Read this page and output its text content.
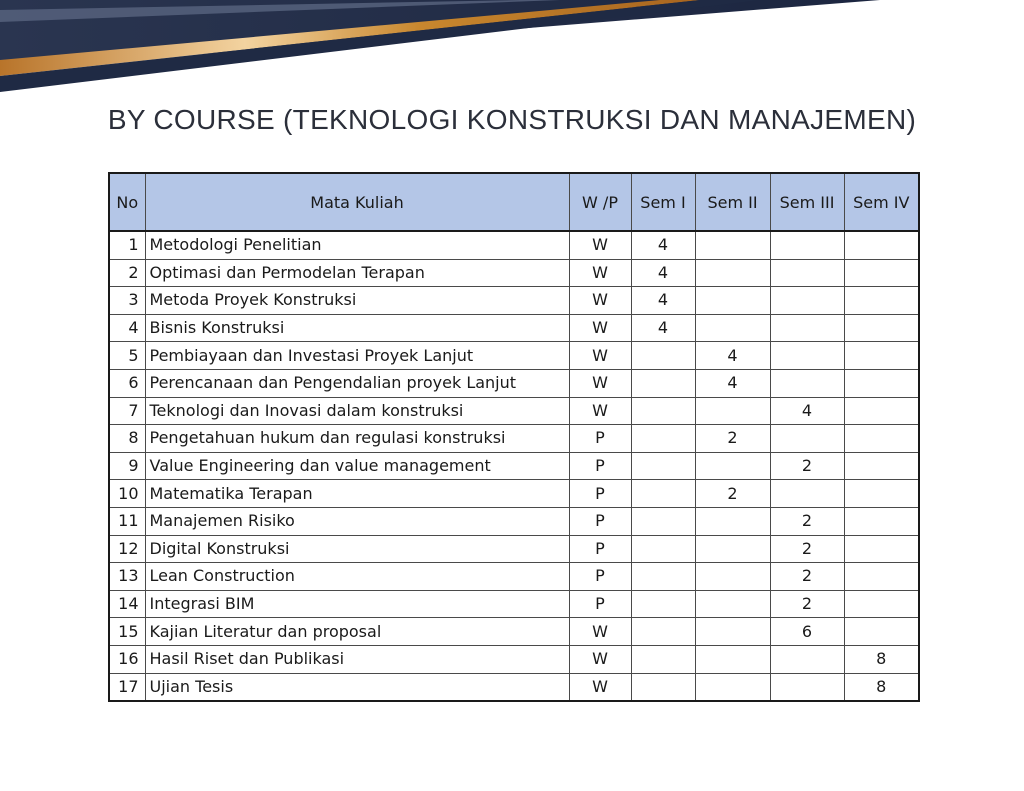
BY COURSE (TEKNOLOGI KONSTRUKSI DAN MANAJEMEN)
No	Mata Kuliah	W /P	Sem I	Sem II	Sem III	Sem IV
1	Metodologi Penelitian	W	4			
2	Optimasi dan Permodelan Terapan	W	4			
3	Metoda Proyek Konstruksi	W	4			
4	Bisnis Konstruksi	W	4			
5	Pembiayaan dan Investasi Proyek Lanjut	W		4		
6	Perencanaan dan Pengendalian proyek Lanjut	W		4		
7	Teknologi dan Inovasi dalam konstruksi	W			4	
8	Pengetahuan hukum dan regulasi konstruksi	P		2		
9	Value Engineering dan value management	P			2	
10	Matematika Terapan	P		2		
11	Manajemen Risiko	P			2	
12	Digital Konstruksi	P			2	
13	Lean Construction	P			2	
14	Integrasi BIM	P			2	
15	Kajian Literatur dan proposal	W			6	
16	Hasil Riset dan Publikasi	W				8
17	Ujian Tesis	W				8
